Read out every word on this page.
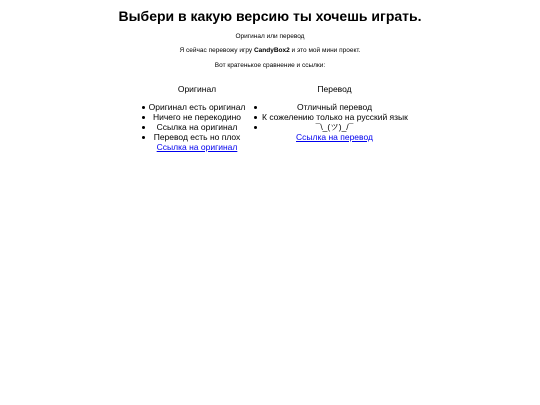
Выбери в какую версию ты хочешь играть.
Оригинал или перевод
Я сейчас перевожу игру CandyBox2 и это мой мини проект.
Вот кратенькое сравнение и ссылки:
Оригинал	Перевод
Оригинал есть оригинал
Ничего не перекодино
Ссылка на оригинал
Перевод есть но плох
Ссылка на оригинал
Отличный перевод
К сожелению только на русский язык
¯\_(ツ)_/¯
Ссылка на перевод
